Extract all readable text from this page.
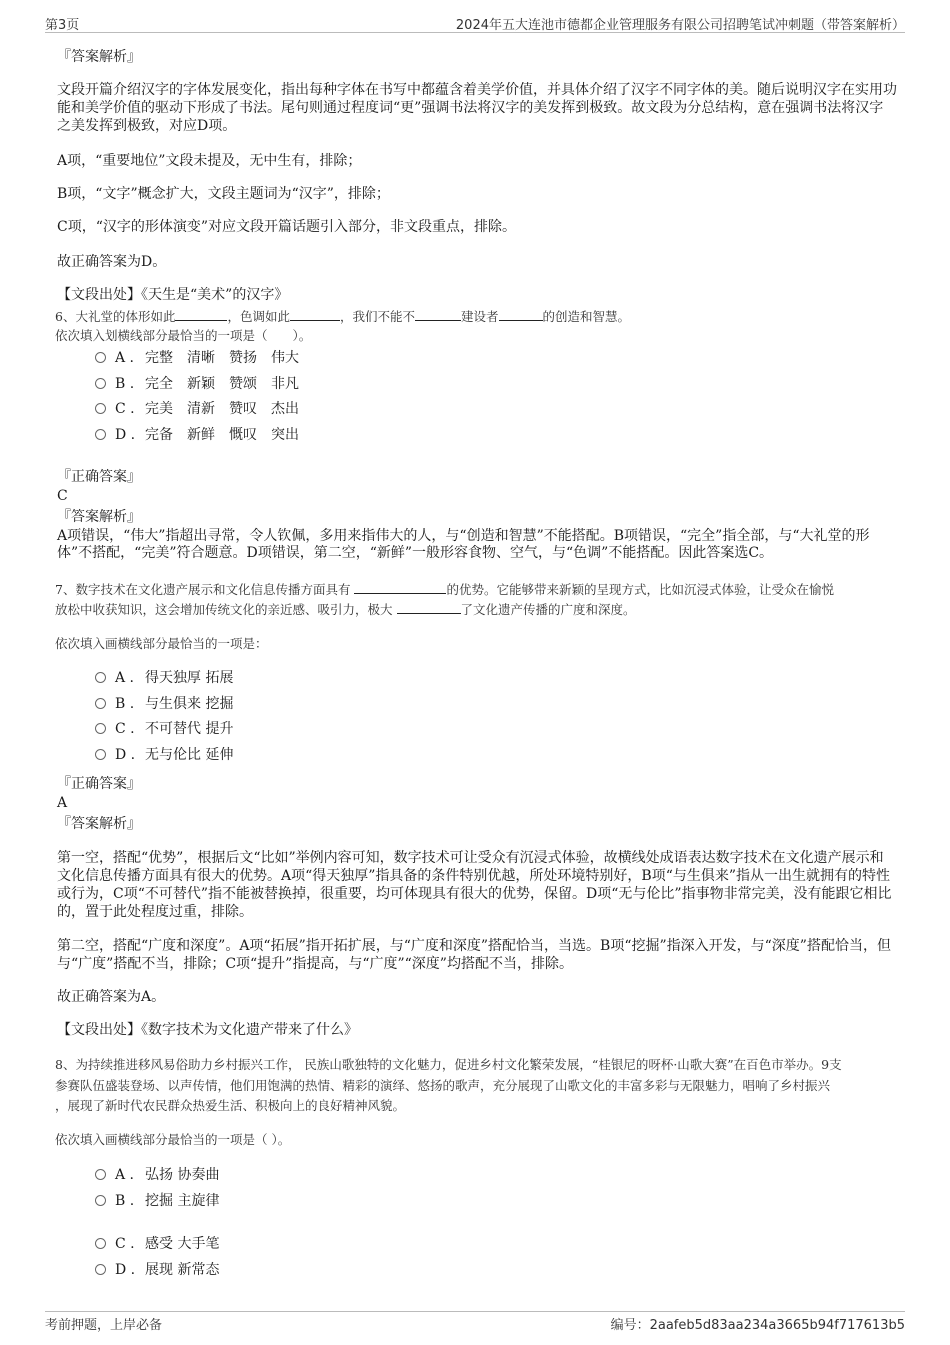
第3页	2024年五大连池市德都企业管理服务有限公司招聘笔试冲刺题（带答案解析）
『答案解析』
文段开篇介绍汉字的字体发展变化，指出每种字体在书写中都蕴含着美学价值，并具体介绍了汉字不同字体的美。随后说明汉字在实用功能和美学价值的驱动下形成了书法。尾句则通过程度词“更”强调书法将汉字的美发挥到极致。故文段为分总结构，意在强调书法将汉字之美发挥到极致，对应D项。
A项，“重要地位”文段未提及，无中生有，排除；
B项，“文字”概念扩大，文段主题词为“汉字”，排除；
C项，“汉字的形体演变”对应文段开篇话题引入部分，非文段重点，排除。
故正确答案为D。
【文段出处】《天生是“美术”的汉字》
6、大礼堂的体形如此	，色调如此	，我们不能不	建设者	的创造和智慧。
依次填入划横线部分最恰当的一项是（　　）。
A . 完整 清晰 赞扬 伟大
B . 完全 新颖 赞颂 非凡
C . 完美 清新 赞叹 杰出
D . 完备 新鲜 慨叹 突出
『正确答案』
C
『答案解析』
A项错误，“伟大”指超出寻常，令人钦佩，多用来指伟大的人，与“创造和智慧”不能搭配。B项错误，“完全”指全部，与“大礼堂的形体”不搭配，“完美”符合题意。D项错误，第二空，“新鲜”一般形容食物、空气，与“色调”不能搭配。因此答案选C。
7、数字技术在文化遗产展示和文化信息传播方面具有	的优势。它能够带来新颖的呈现方式，比如沉浸式体验，让受众在愉悦
放松中收获知识，这会增加传统文化的亲近感、吸引力，极大	了文化遗产传播的广度和深度。
依次填入画横线部分最恰当的一项是：
A . 得天独厚 拓展
B . 与生俱来 挖掘
C . 不可替代 提升
D . 无与伦比 延伸
『正确答案』
A
『答案解析』
第一空，搭配“优势”，根据后文“比如”举例内容可知，数字技术可让受众有沉浸式体验，故横线处成语表达数字技术在文化遗产展示和文化信息传播方面具有很大的优势。A项“得天独厚”指具备的条件特别优越，所处环境特别好，B项“与生俱来”指从一出生就拥有的特性或行为，C项“不可替代”指不能被替换掉，很重要，均可体现具有很大的优势，保留。D项“无与伦比”指事物非常完美，没有能跟它相比的，置于此处程度过重，排除。
第二空，搭配“广度和深度”。A项“拓展”指开拓扩展，与“广度和深度”搭配恰当，当选。B项“挖掘”指深入开发，与“深度”搭配恰当，但与“广度”搭配不当，排除；C项“提升”指提高，与“广度”“深度”均搭配不当，排除。
故正确答案为A。
【文段出处】《数字技术为文化遗产带来了什么》
8、为持续推进移风易俗助力乡村振兴工作， 民族山歌独特的文化魅力，促进乡村文化繁荣发展，“桂银尼的呀杯·山歌大赛”在百色市举办。9支
参赛队伍盛装登场、以声传情，他们用饱满的热情、精彩的演绎、悠扬的歌声，充分展现了山歌文化的丰富多彩与无限魅力，唱响了乡村振兴
，展现了新时代农民群众热爱生活、积极向上的良好精神风貌。
依次填入画横线部分最恰当的一项是（ ）。
A . 弘扬 协奏曲
B . 挖掘 主旋律
C . 感受 大手笔
D . 展现 新常态
考前押题，上岸必备	编号：2aafeb5d83aa234a3665b94f717613b5
